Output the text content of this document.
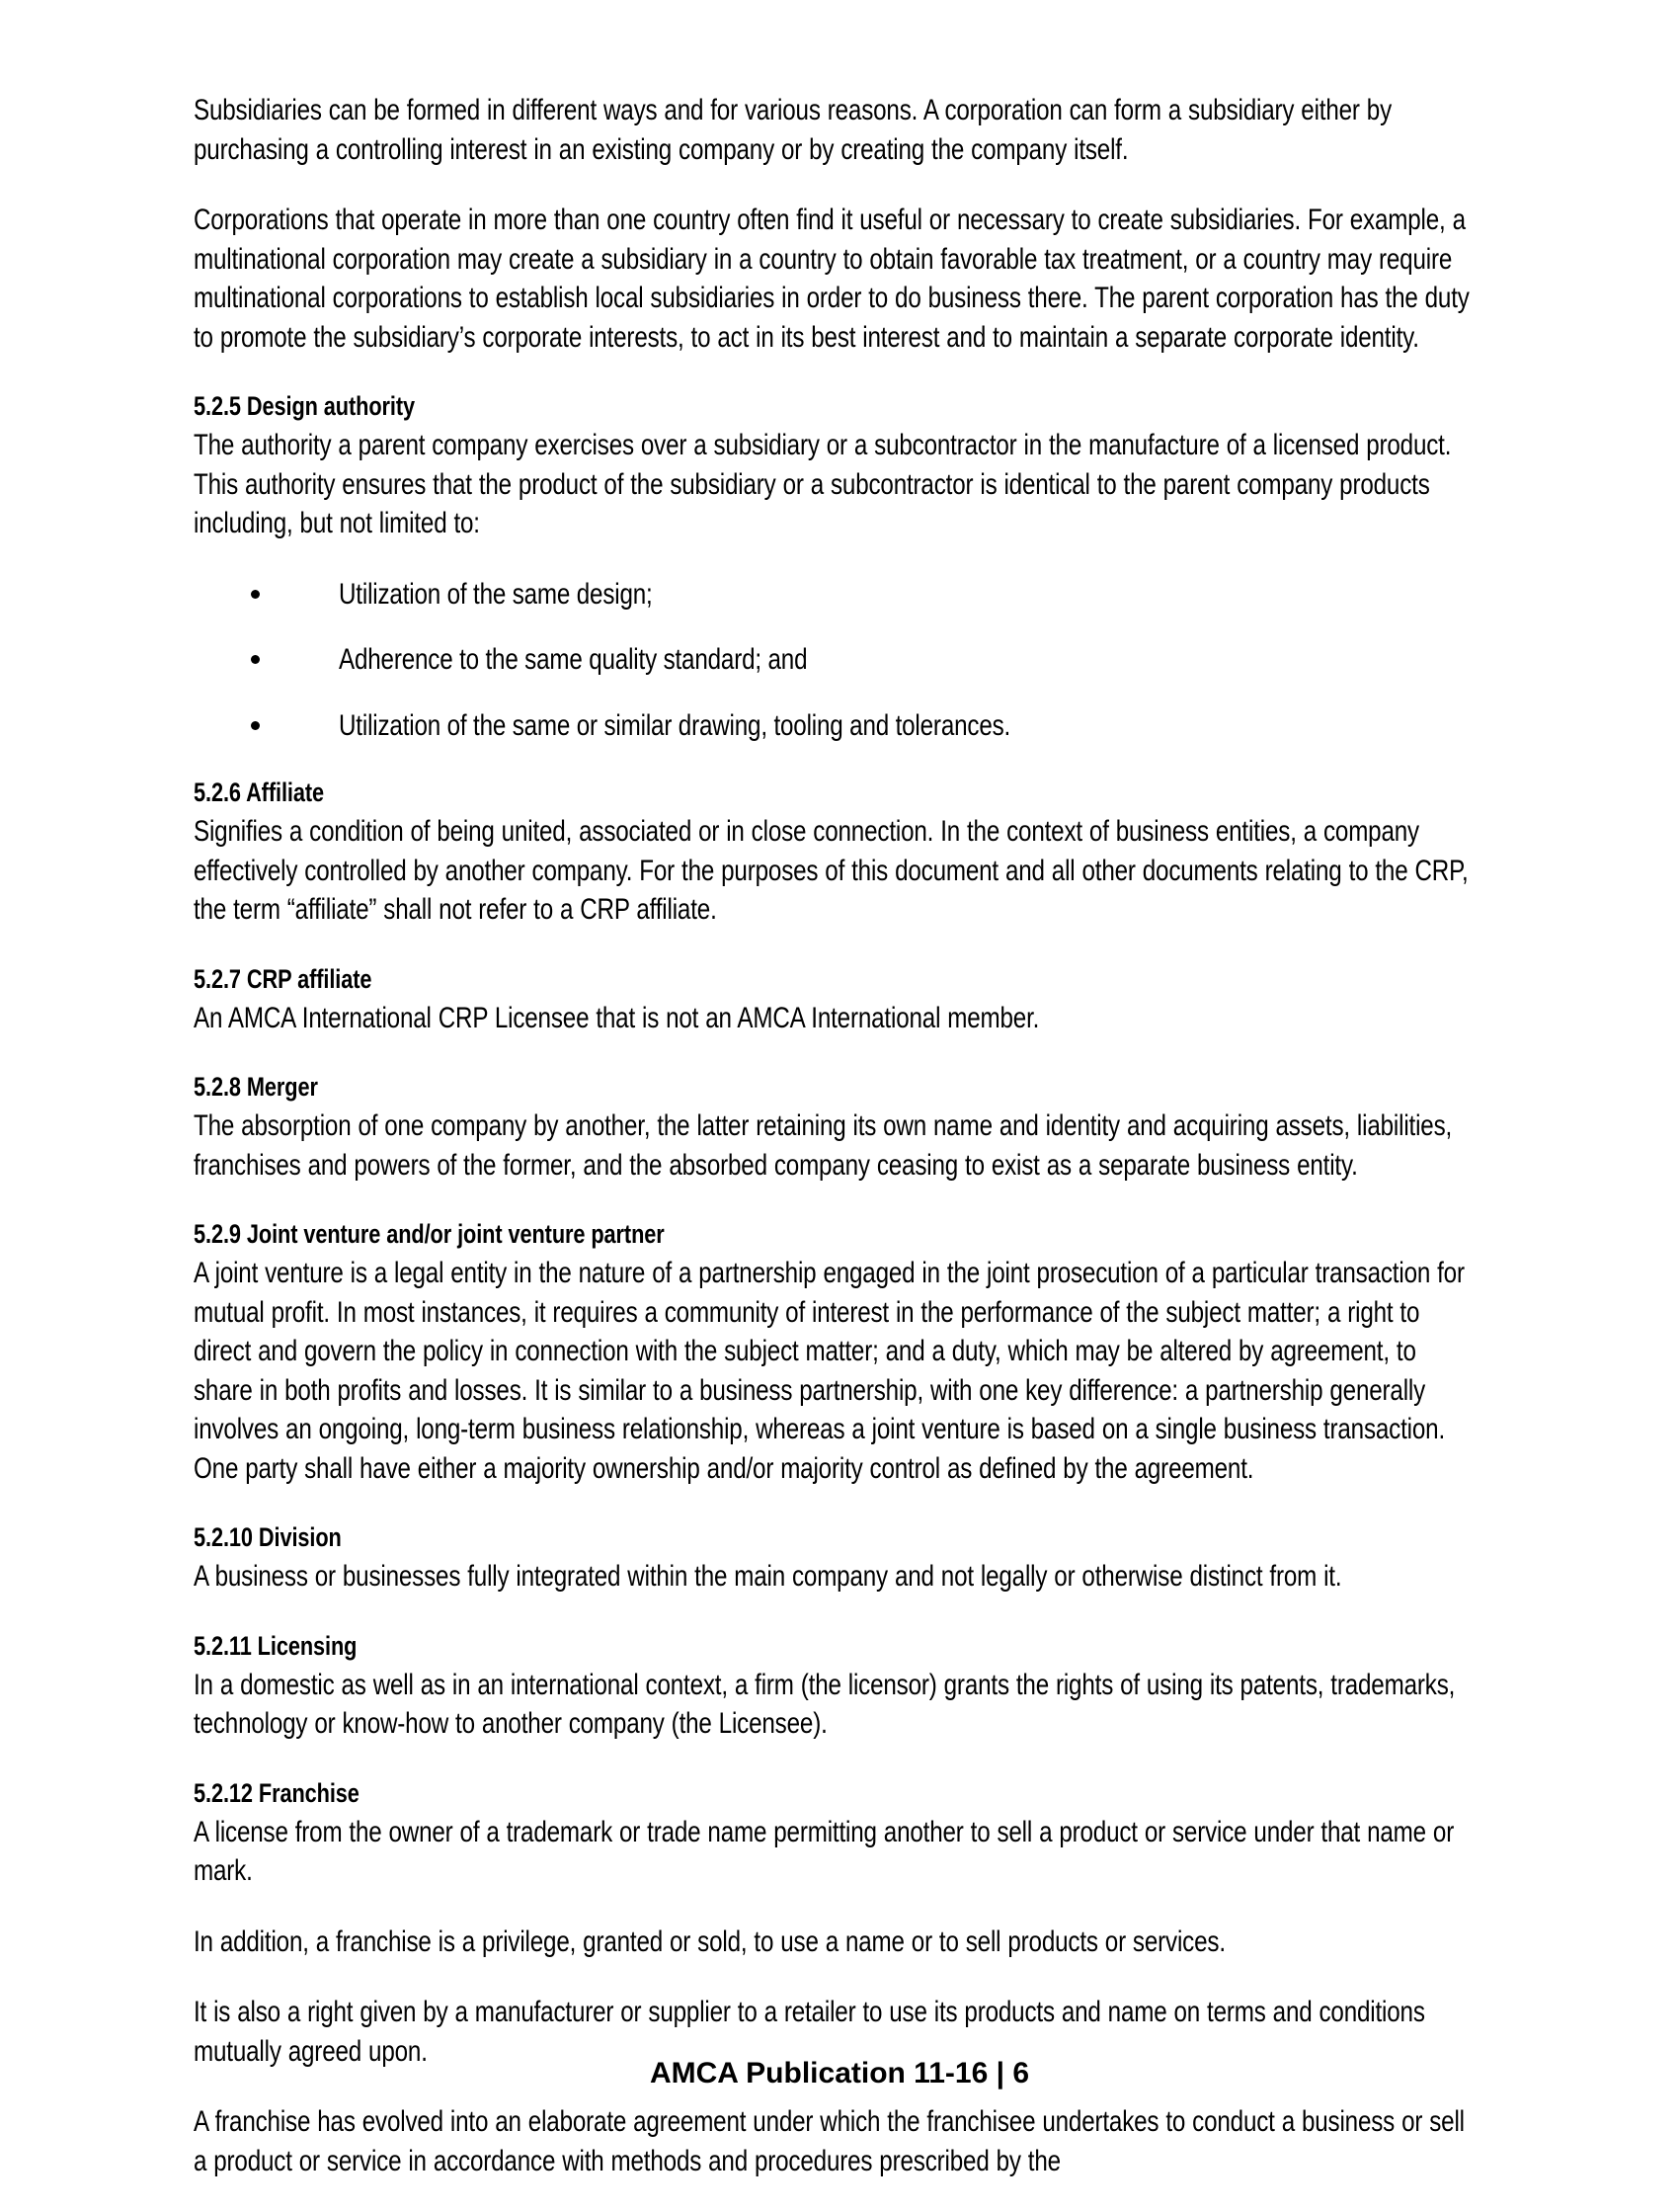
Subsidiaries can be formed in different ways and for various reasons. A corporation can form a subsidiary either by purchasing a controlling interest in an existing company or by creating the company itself.

Corporations that operate in more than one country often find it useful or necessary to create subsidiaries. For example, a multinational corporation may create a subsidiary in a country to obtain favorable tax treatment, or a country may require multinational corporations to establish local subsidiaries in order to do business there. The parent corporation has the duty to promote the subsidiary’s corporate interests, to act in its best interest and to maintain a separate corporate identity.

5.2.5 Design authority

The authority a parent company exercises over a subsidiary or a subcontractor in the manufacture of a licensed product. This authority ensures that the product of the subsidiary or a subcontractor is identical to the parent company products including, but not limited to:

Utilization of the same design;
Adherence to the same quality standard; and
Utilization of the same or similar drawing, tooling and tolerances.
5.2.6 Affiliate

Signifies a condition of being united, associated or in close connection. In the context of business entities, a company effectively controlled by another company. For the purposes of this document and all other documents relating to the CRP, the term “affiliate” shall not refer to a CRP affiliate.

5.2.7 CRP affiliate

An AMCA International CRP Licensee that is not an AMCA International member.

5.2.8 Merger

The absorption of one company by another, the latter retaining its own name and identity and acquiring assets, liabilities, franchises and powers of the former, and the absorbed company ceasing to exist as a separate business entity.

5.2.9 Joint venture and/or joint venture partner

A joint venture is a legal entity in the nature of a partnership engaged in the joint prosecution of a particular transaction for mutual profit. In most instances, it requires a community of interest in the performance of the subject matter; a right to direct and govern the policy in connection with the subject matter; and a duty, which may be altered by agreement, to share in both profits and losses. It is similar to a business partnership, with one key difference: a partnership generally involves an ongoing, long-term business relationship, whereas a joint venture is based on a single business transaction. One party shall have either a majority ownership and/or majority control as defined by the agreement.

5.2.10 Division

A business or businesses fully integrated within the main company and not legally or otherwise distinct from it.

5.2.11 Licensing

In a domestic as well as in an international context, a firm (the licensor) grants the rights of using its patents, trademarks, technology or know-how to another company (the Licensee).

5.2.12 Franchise

A license from the owner of a trademark or trade name permitting another to sell a product or service under that name or mark.

In addition, a franchise is a privilege, granted or sold, to use a name or to sell products or services.

It is also a right given by a manufacturer or supplier to a retailer to use its products and name on terms and conditions mutually agreed upon.

A franchise has evolved into an elaborate agreement under which the franchisee undertakes to conduct a business or sell a product or service in accordance with methods and procedures prescribed by the

AMCA Publication 11-16 | 6
